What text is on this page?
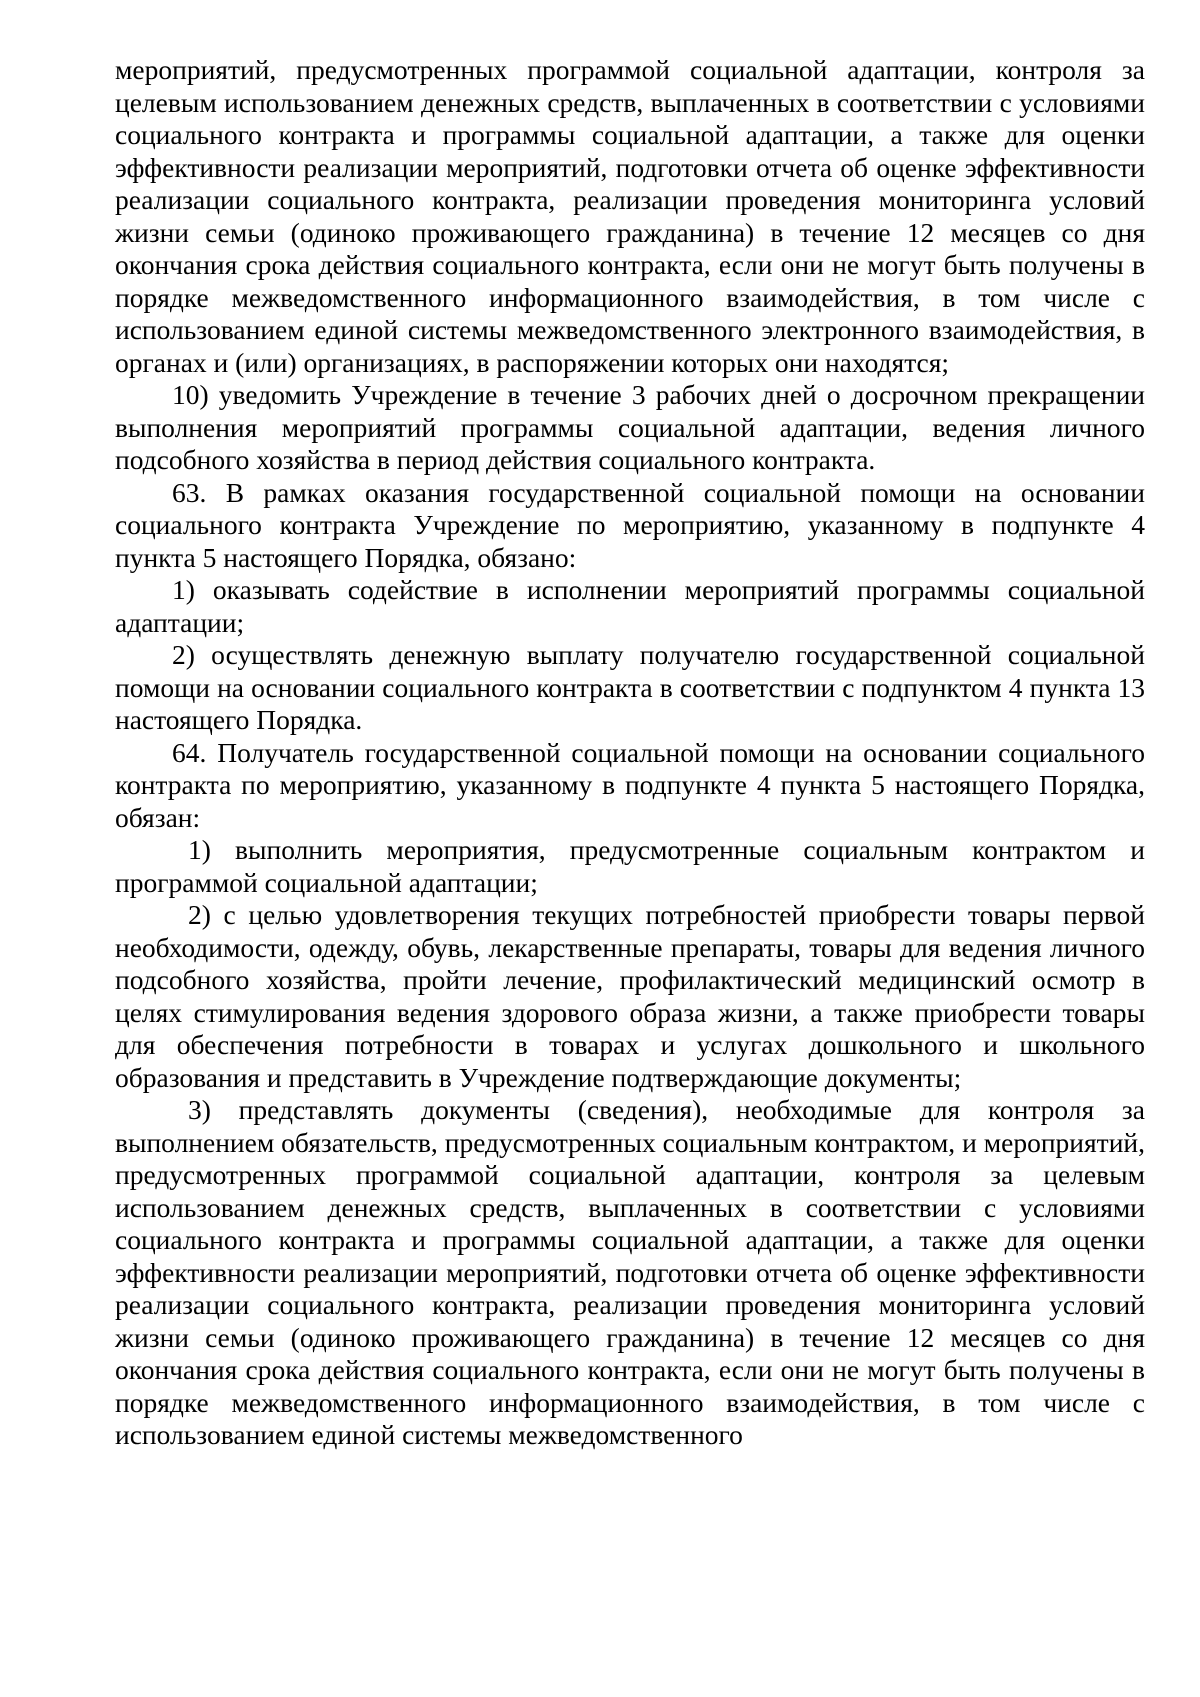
мероприятий, предусмотренных программой социальной адаптации, контроля за целевым использованием денежных средств, выплаченных в соответствии с условиями социального контракта и программы социальной адаптации, а также для оценки эффективности реализации мероприятий, подготовки отчета об оценке эффективности реализации социального контракта, реализации проведения мониторинга условий жизни семьи (одиноко проживающего гражданина) в течение 12 месяцев со дня окончания срока действия социального контракта, если они не могут быть получены в порядке межведомственного информационного взаимодействия, в том числе с использованием единой системы межведомственного электронного взаимодействия, в органах и (или) организациях, в распоряжении которых они находятся;

10) уведомить Учреждение в течение 3 рабочих дней о досрочном прекращении выполнения мероприятий программы социальной адаптации, ведения личного подсобного хозяйства в период действия социального контракта.

63. В рамках оказания государственной социальной помощи на основании социального контракта Учреждение по мероприятию, указанному в подпункте 4 пункта 5 настоящего Порядка, обязано:

1) оказывать содействие в исполнении мероприятий программы социальной адаптации;

2) осуществлять денежную выплату получателю государственной социальной помощи на основании социального контракта в соответствии с подпунктом 4 пункта 13 настоящего Порядка.

64. Получатель государственной социальной помощи на основании социального контракта по мероприятию, указанному в подпункте 4 пункта 5 настоящего Порядка, обязан:

1) выполнить мероприятия, предусмотренные социальным контрактом и программой социальной адаптации;

2) с целью удовлетворения текущих потребностей приобрести товары первой необходимости, одежду, обувь, лекарственные препараты, товары для ведения личного подсобного хозяйства, пройти лечение, профилактический медицинский осмотр в целях стимулирования ведения здорового образа жизни, а также приобрести товары для обеспечения потребности в товарах и услугах дошкольного и школьного образования и представить в Учреждение подтверждающие документы;

3) представлять документы (сведения), необходимые для контроля за выполнением обязательств, предусмотренных социальным контрактом, и мероприятий, предусмотренных программой социальной адаптации, контроля за целевым использованием денежных средств, выплаченных в соответствии с условиями социального контракта и программы социальной адаптации, а также для оценки эффективности реализации мероприятий, подготовки отчета об оценке эффективности реализации социального контракта, реализации проведения мониторинга условий жизни семьи (одиноко проживающего гражданина) в течение 12 месяцев со дня окончания срока действия социального контракта, если они не могут быть получены в порядке межведомственного информационного взаимодействия, в том числе с использованием единой системы межведомственного
